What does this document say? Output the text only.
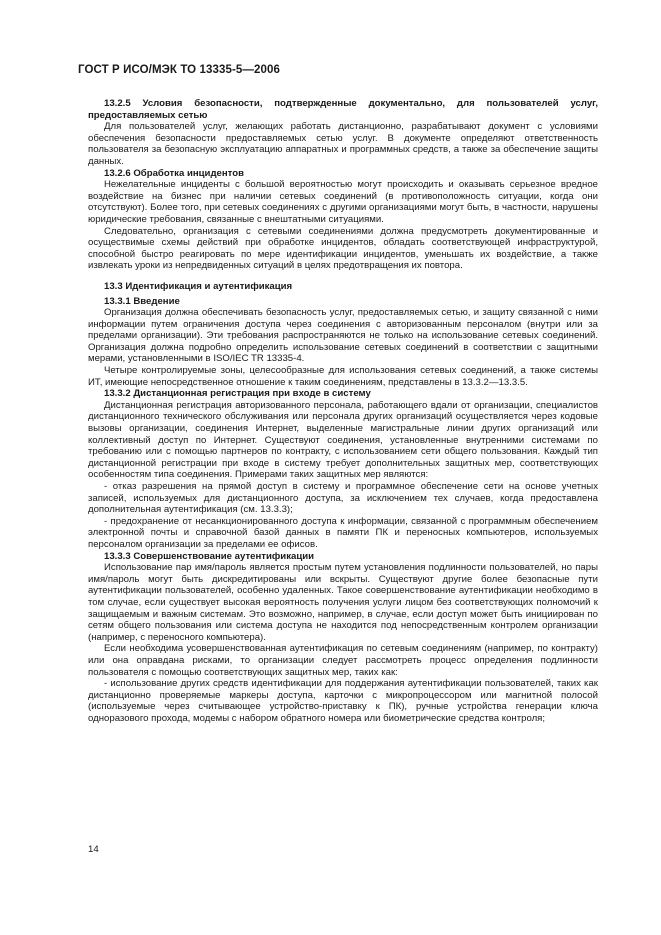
ГОСТ Р ИСО/МЭК ТО 13335-5—2006

13.2.5 Условия безопасности, подтвержденные документально, для пользователей услуг, предоставляемых сетью

Для пользователей услуг, желающих работать дистанционно, разрабатывают документ с условиями обеспечения безопасности предоставляемых сетью услуг. В документе определяют ответственность пользователя за безопасную эксплуатацию аппаратных и программных средств, а также за обеспечение защиты данных.

13.2.6 Обработка инцидентов

Нежелательные инциденты с большой вероятностью могут происходить и оказывать серьезное вредное воздействие на бизнес при наличии сетевых соединений (в противоположность ситуации, когда они отсутствуют). Более того, при сетевых соединениях с другими организациями могут быть, в частности, нарушены юридические требования, связанные с внештатными ситуациями.

Следовательно, организация с сетевыми соединениями должна предусмотреть документированные и осуществимые схемы действий при обработке инцидентов, обладать соответствующей инфраструктурой, способной быстро реагировать по мере идентификации инцидентов, уменьшать их воздействие, а также извлекать уроки из непредвиденных ситуаций в целях предотвращения их повтора.

13.3 Идентификация и аутентификация

13.3.1 Введение

Организация должна обеспечивать безопасность услуг, предоставляемых сетью, и защиту связанной с ними информации путем ограничения доступа через соединения с авторизованным персоналом (внутри или за пределами организации). Эти требования распространяются не только на использование сетевых соединений. Организация должна подробно определить использование сетевых соединений в соответствии с защитными мерами, установленными в ISO/IEC TR 13335-4.

Четыре контролируемые зоны, целесообразные для использования сетевых соединений, а также системы ИТ, имеющие непосредственное отношение к таким соединениям, представлены в 13.3.2—13.3.5.

13.3.2 Дистанционная регистрация при входе в систему

Дистанционная регистрация авторизованного персонала, работающего вдали от организации, специалистов дистанционного технического обслуживания или персонала других организаций осуществляется через кодовые вызовы организации, соединения Интернет, выделенные магистральные линии других организаций или коллективный доступ по Интернет. Существуют соединения, установленные внутренними системами по требованию или с помощью партнеров по контракту, с использованием сети общего пользования. Каждый тип дистанционной регистрации при входе в систему требует дополнительных защитных мер, соответствующих особенностям типа соединения. Примерами таких защитных мер являются:

- отказ разрешения на прямой доступ в систему и программное обеспечение сети на основе учетных записей, используемых для дистанционного доступа, за исключением тех случаев, когда предоставлена дополнительная аутентификация (см. 13.3.3);

- предохранение от несанкционированного доступа к информации, связанной с программным обеспечением электронной почты и справочной базой данных в памяти ПК и переносных компьютеров, используемых персоналом организации за пределами ее офисов.

13.3.3 Совершенствование аутентификации

Использование пар имя/пароль является простым путем установления подлинности пользователей, но пары имя/пароль могут быть дискредитированы или вскрыты. Существуют другие более безопасные пути аутентификации пользователей, особенно удаленных. Такое совершенствование аутентификации необходимо в том случае, если существует высокая вероятность получения услуги лицом без соответствующих полномочий к защищаемым и важным системам. Это возможно, например, в случае, если доступ может быть инициирован по сетям общего пользования или система доступа не находится под непосредственным контролем организации (например, с переносного компьютера).

Если необходима усовершенствованная аутентификация по сетевым соединениям (например, по контракту) или она оправдана рисками, то организации следует рассмотреть процесс определения подлинности пользователя с помощью соответствующих защитных мер, таких как:

- использование других средств идентификации для поддержания аутентификации пользователей, таких как дистанционно проверяемые маркеры доступа, карточки с микропроцессором или магнитной полосой (используемые через считывающее устройство-приставку к ПК), ручные устройства генерации ключа одноразового прохода, модемы с набором обратного номера или биометрические средства контроля;

14
